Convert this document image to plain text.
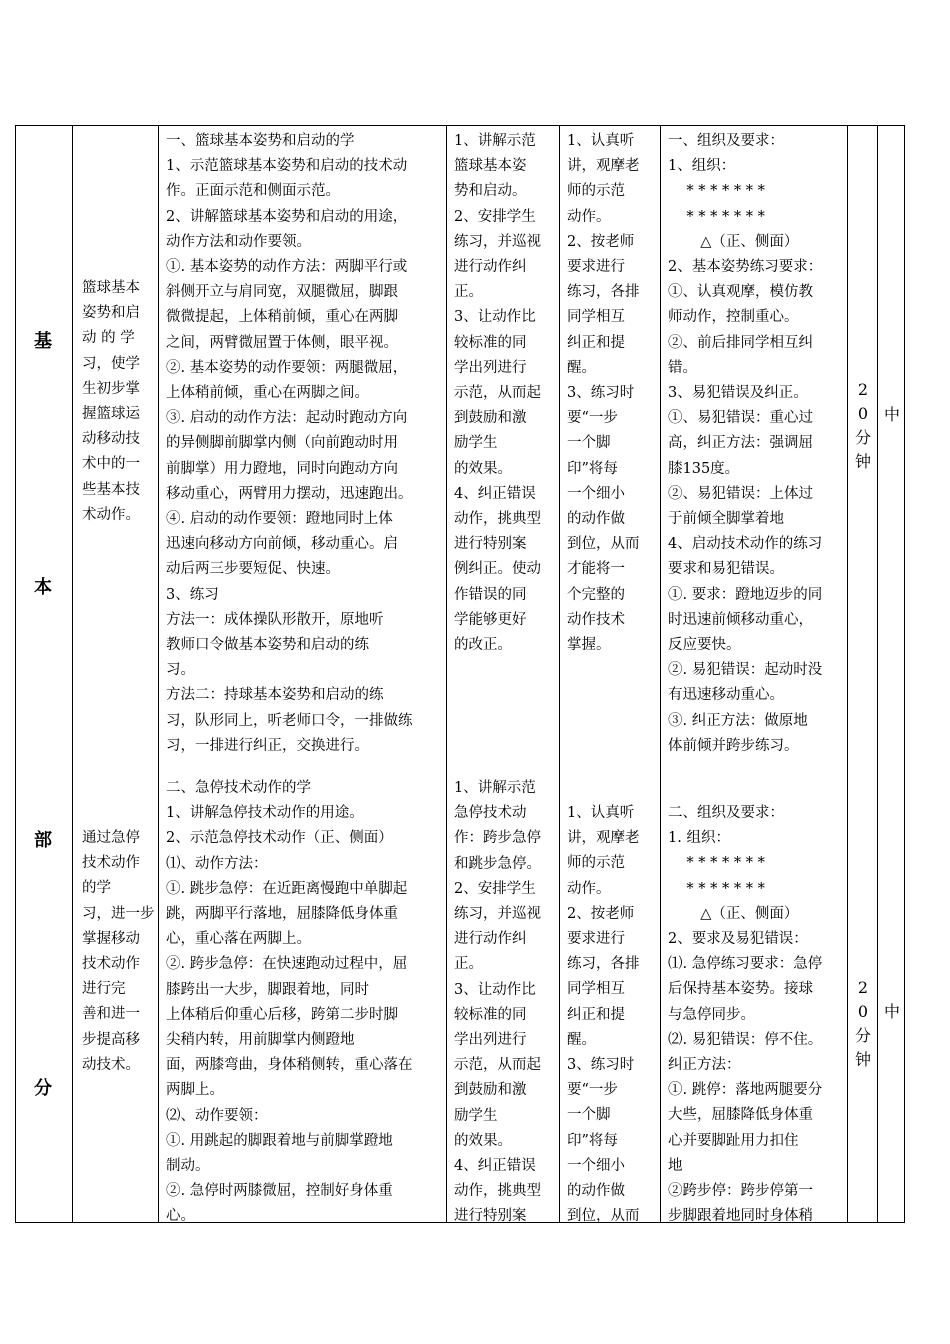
基
本
部
分
篮球基本
姿势和启
动 的 学
习，使学
生初步掌
握篮球运
动移动技
术中的一
些基本技
术动作。
一、篮球基本姿势和启动的学
1、示范篮球基本姿势和启动的技术动
作。正面示范和侧面示范。
2、讲解篮球基本姿势和启动的用途，
动作方法和动作要领。
①. 基本姿势的动作方法：两脚平行或
斜侧开立与肩同宽，双腿微屈，脚跟
微微提起，上体稍前倾，重心在两脚
之间，两臂微屈置于体侧，眼平视。
②. 基本姿势的动作要领：两腿微屈，
上体稍前倾，重心在两脚之间。
③. 启动的动作方法：起动时跑动方向
的异侧脚前脚掌内侧（向前跑动时用
前脚掌）用力蹬地，同时向跑动方向
移动重心，两臂用力摆动，迅速跑出。
④. 启动的动作要领：蹬地同时上体
迅速向移动方向前倾，移动重心。启
动后两三步要短促、快速。
3、练习
方法一：成体操队形散开，原地听
教师口令做基本姿势和启动的练
习。
方法二：持球基本姿势和启动的练
习，队形同上，听老师口令，一排做练
习，一排进行纠正，交换进行。
1、讲解示范
篮球基本姿
势和启动。
2、安排学生
练习，并巡视
进行动作纠
正。
3、让动作比
较标准的同
学出列进行
示范，从而起
到鼓励和激
励学生
的效果。
4、纠正错误
动作，挑典型
进行特别案
例纠正。使动
作错误的同
学能够更好
的改正。
1、认真听
讲，观摩老
师的示范
动作。
2、按老师
要求进行
练习，各排
同学相互
纠正和提
醒。
3、练习时
要“一步
一个脚
印”将每
一个细小
的动作做
到位，从而
才能将一
个完整的
动作技术
掌握。
一、组织及要求：
1、组织：
* * * * * * *
* * * * * * *
△（正、侧面）
2、基本姿势练习要求：
①、认真观摩，模仿教
师动作，控制重心。
②、前后排同学相互纠
错。
3、易犯错误及纠正。
①、易犯错误：重心过
高，纠正方法：强调屈
膝135度。
②、易犯错误：上体过
于前倾全脚掌着地
4、启动技术动作的练习
要求和易犯错误。
①. 要求：蹬地迈步的同
时迅速前倾移动重心，
反应要快。
②. 易犯错误：起动时没
有迅速移动重心。
③. 纠正方法：做原地
体前倾并跨步练习。
2
0
分
钟
中
通过急停
技术动作
的学
习，进一步
掌握移动
技术动作
进行完
善和进一
步提高移
动技术。
二、急停技术动作的学
1、讲解急停技术动作的用途。
2、示范急停技术动作（正、侧面）
⑴、动作方法：
①. 跳步急停：在近距离慢跑中单脚起
跳，两脚平行落地，屈膝降低身体重
心，重心落在两脚上。
②. 跨步急停：在快速跑动过程中，屈
膝跨出一大步，脚跟着地，同时
上体稍后仰重心后移，跨第二步时脚
尖稍内转，用前脚掌内侧蹬地
面，两膝弯曲，身体稍侧转，重心落在
两脚上。
⑵、动作要领：
①. 用跳起的脚跟着地与前脚掌蹬地
制动。
②. 急停时两膝微屈，控制好身体重
心。
1、讲解示范
急停技术动
作：跨步急停
和跳步急停。
2、安排学生
练习，并巡视
进行动作纠
正。
3、让动作比
较标准的同
学出列进行
示范，从而起
到鼓励和激
励学生
的效果。
4、纠正错误
动作，挑典型
进行特别案
1、认真听
讲，观摩老
师的示范
动作。
2、按老师
要求进行
练习，各排
同学相互
纠正和提
醒。
3、练习时
要“一步
一个脚
印”将每
一个细小
的动作做
到位，从而
二、组织及要求：
1. 组织：
* * * * * * *
* * * * * * *
△（正、侧面）
2、要求及易犯错误：
⑴. 急停练习要求：急停
后保持基本姿势。接球
与急停同步。
⑵. 易犯错误：停不住。
纠正方法：
①. 跳停：落地两腿要分
大些，屈膝降低身体重
心并要脚趾用力扣住
地
②跨步停：跨步停第一
步脚跟着地同时身体稍
2
0
分
钟
中
